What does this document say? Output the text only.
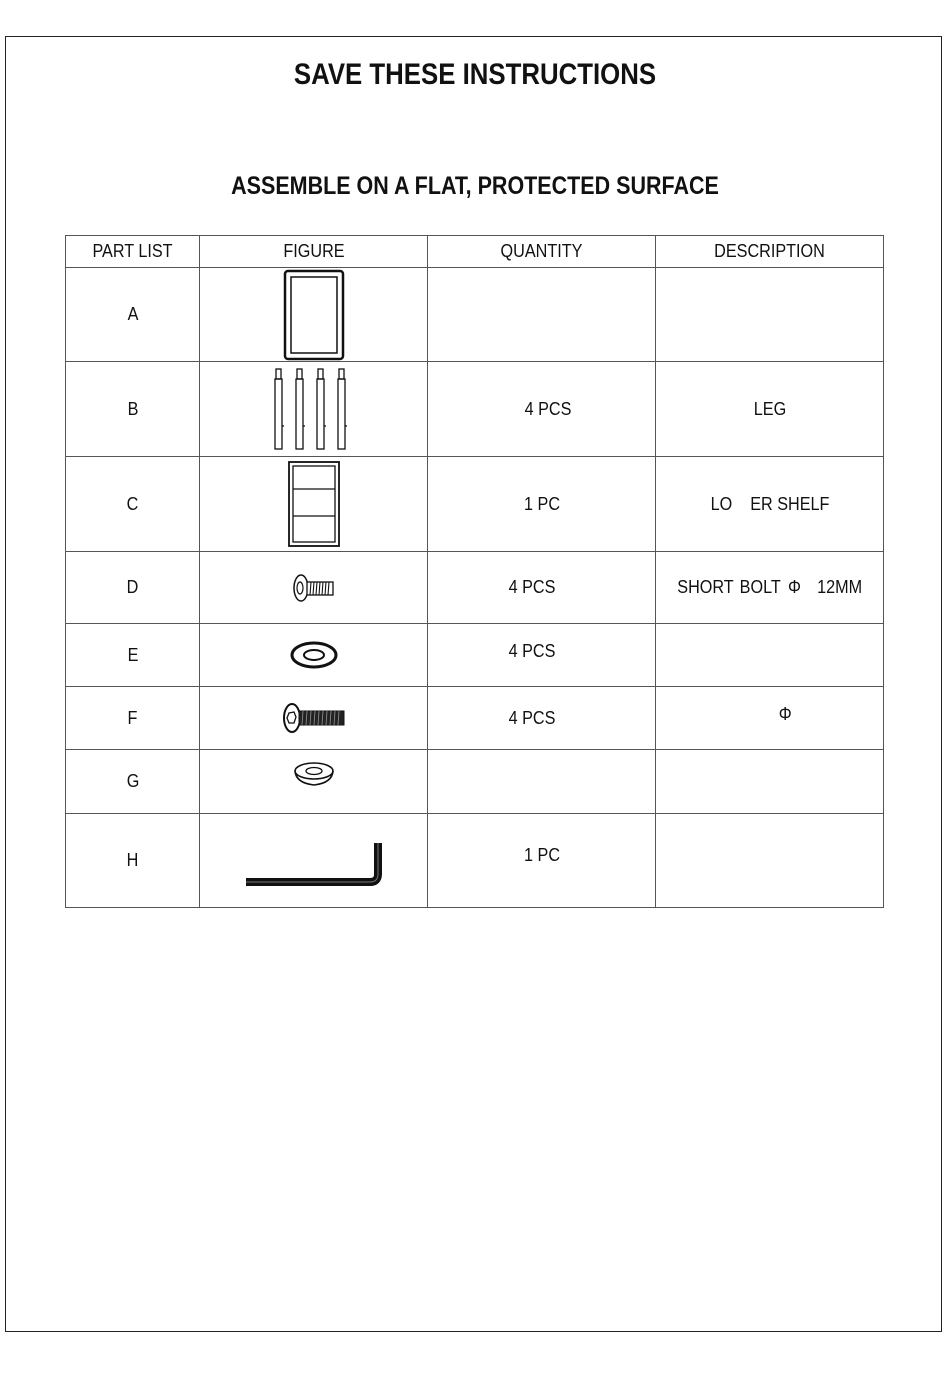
SAVE THESE INSTRUCTIONS
ASSEMBLE ON A FLAT, PROTECTED SURFACE
PART LIST	FIGURE	QUANTITY	DESCRIPTION
A	

B		4 PCS	LEG
C		1 PC	LO ER SHELF
D		4 PCS	SHORT BOLT Φ 12MM
E		4 PCS	
F		4 PCS	Φ
G	

H		1 PC	
